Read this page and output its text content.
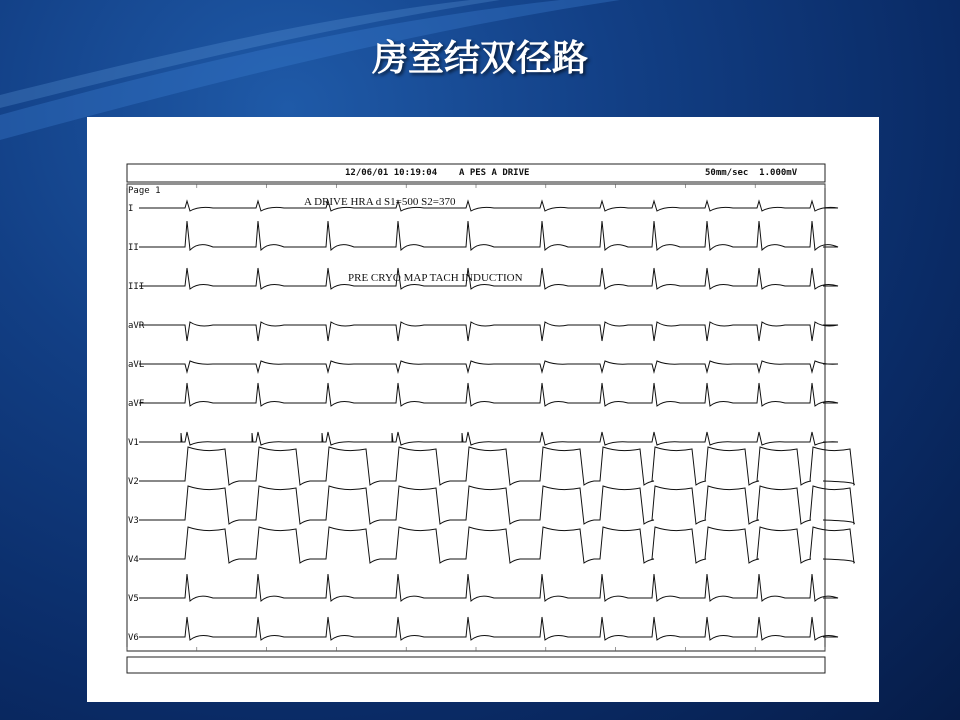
房室结双径路
12/06/01 10:19:04 A PES A DRIVE	50mm/sec  1.000mV
Page 1
I
II
III
aVR
aVL
aVF
V1
V2
V3
V4
V5
V6
A DRIVE HRA d S1=500 S2=370
PRE CRYO MAP TACH INDUCTION
